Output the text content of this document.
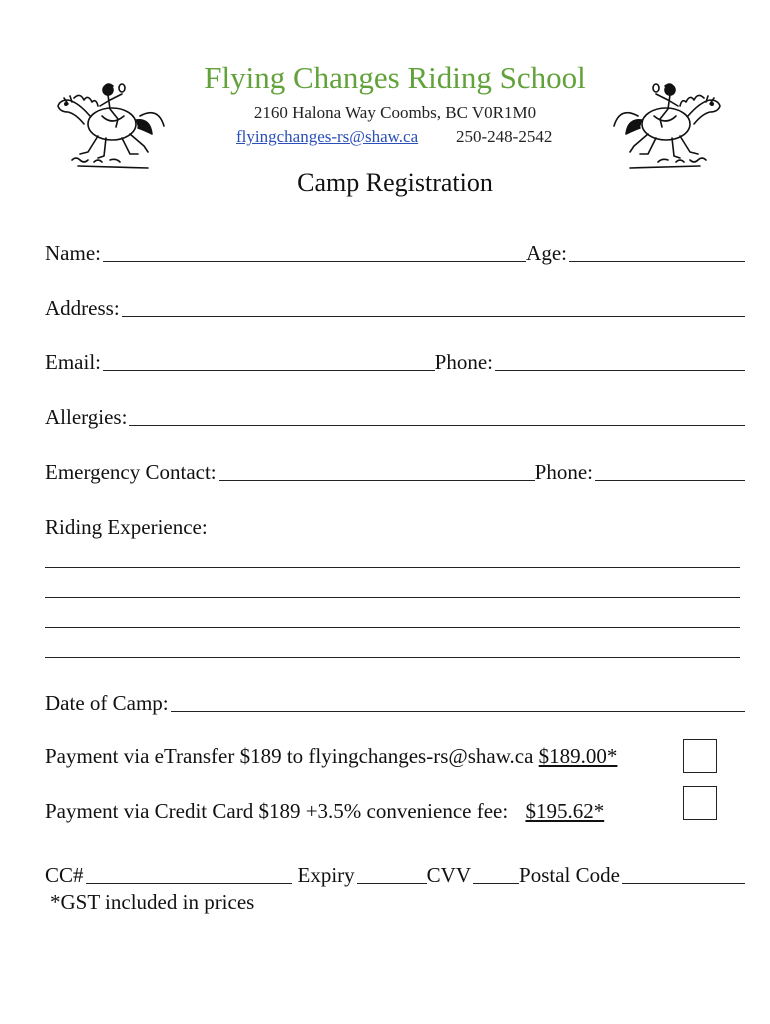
Flying Changes Riding School
2160 Halona Way Coombs, BC V0R1M0
flyingchanges-rs@shaw.ca 250-248-2542
Camp Registration
Name:	Age:
Address:
Email:	Phone:
Allergies:
Emergency Contact:	Phone:
Riding Experience:
Date of Camp:
Payment via eTransfer $189 to flyingchanges-rs@shaw.ca $189.00*
Payment via Credit Card $189 +3.5% convenience fee: $195.62*
CC#	Expiry	CVV Postal Code
*GST included in prices
